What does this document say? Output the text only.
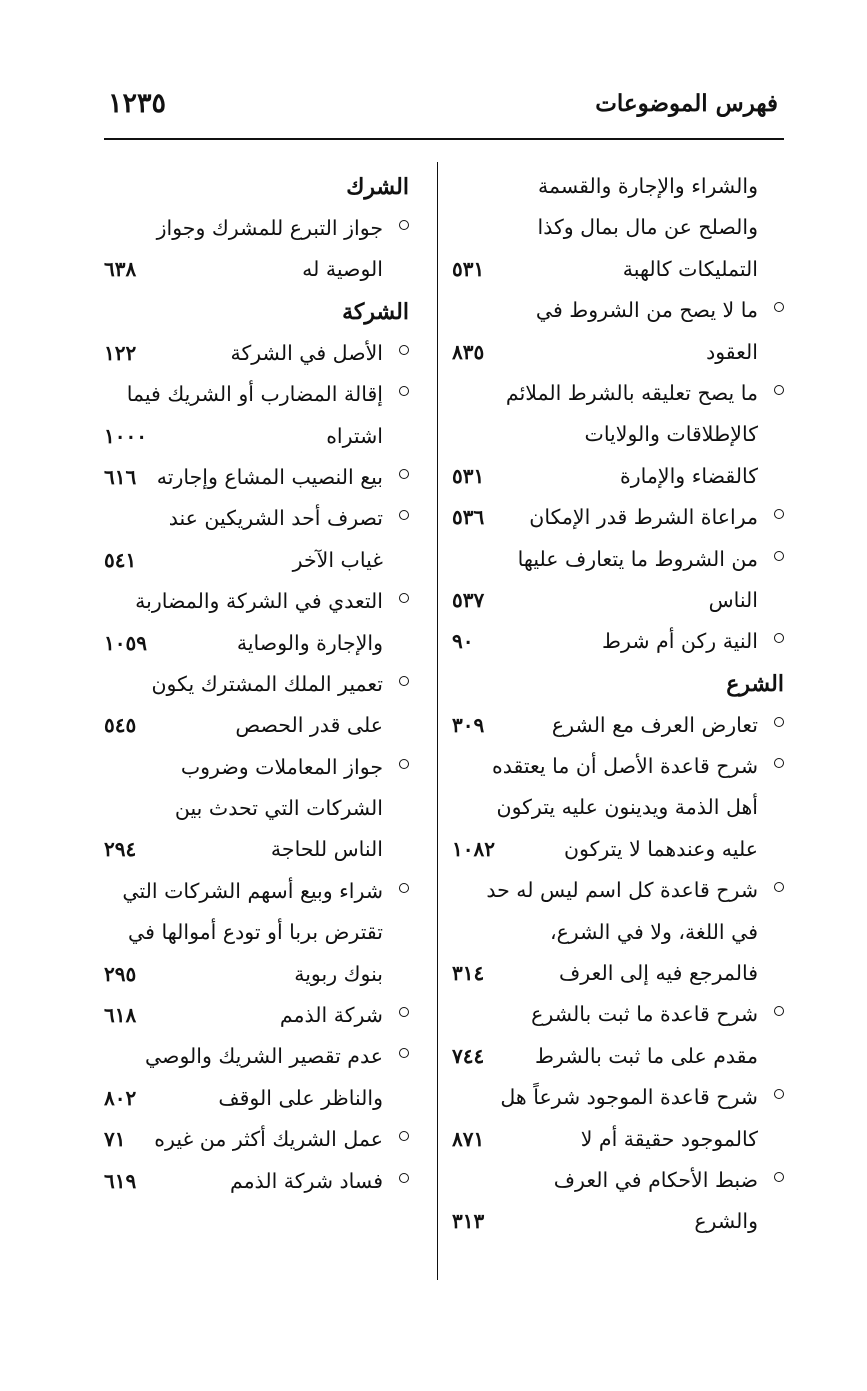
١٢٣٥	فهرس الموضوعات
والشراء والإجارة والقسمة
والصلح عن مال بمال وكذا
التمليكات كالهبة
٥٣١
ما لا يصح من الشروط في
العقود
٨٣٥
ما يصح تعليقه بالشرط الملائم
كالإطلاقات والولايات
كالقضاء والإمارة
٥٣١
مراعاة الشرط قدر الإمكان
٥٣٦
من الشروط ما يتعارف عليها
الناس
٥٣٧
النية ركن أم شرط
٩٠
الشرع
تعارض العرف مع الشرع
٣٠٩
شرح قاعدة الأصل أن ما يعتقده
أهل الذمة ويدينون عليه يتركون
عليه وعندهما لا يتركون
١٠٨٢
شرح قاعدة كل اسم ليس له حد
في اللغة، ولا في الشرع،
فالمرجع فيه إلى العرف
٣١٤
شرح قاعدة ما ثبت بالشرع
مقدم على ما ثبت بالشرط
٧٤٤
شرح قاعدة الموجود شرعاً هل
كالموجود حقيقة أم لا
٨٧١
ضبط الأحكام في العرف
والشرع
٣١٣
الشرك
جواز التبرع للمشرك وجواز
الوصية له
٦٣٨
الشركة
الأصل في الشركة
١٢٢
إقالة المضارب أو الشريك فيما
اشتراه
١٠٠٠
بيع النصيب المشاع وإجارته
٦١٦
تصرف أحد الشريكين عند
غياب الآخر
٥٤١
التعدي في الشركة والمضاربة
والإجارة والوصاية
١٠٥٩
تعمير الملك المشترك يكون
على قدر الحصص
٥٤٥
جواز المعاملات وضروب
الشركات التي تحدث بين
الناس للحاجة
٢٩٤
شراء وبيع أسهم الشركات التي
تقترض بربا أو تودع أموالها في
بنوك ربوية
٢٩٥
شركة الذمم
٦١٨
عدم تقصير الشريك والوصي
والناظر على الوقف
٨٠٢
عمل الشريك أكثر من غيره
٧١
فساد شركة الذمم
٦١٩
